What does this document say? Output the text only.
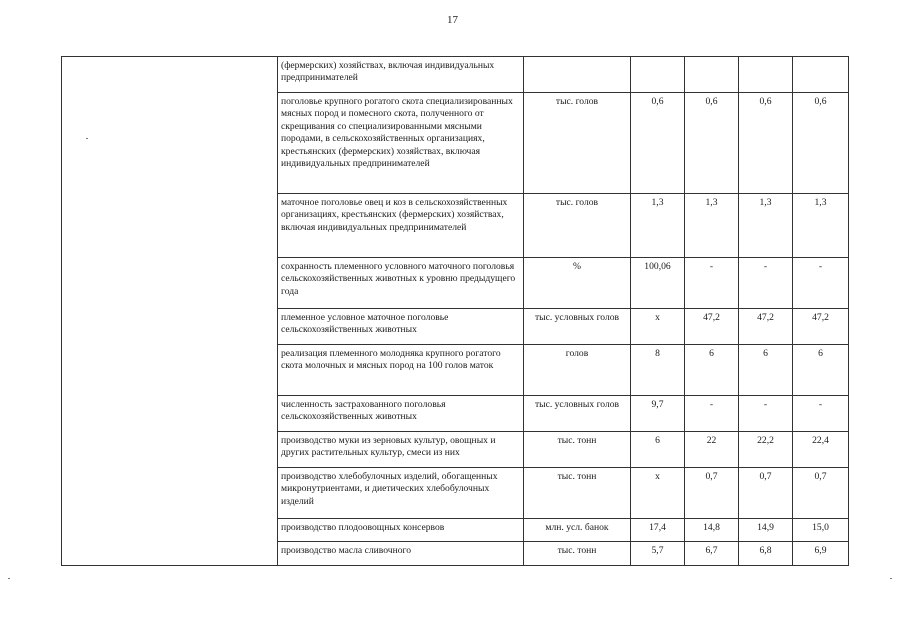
17
	(фермерских) хозяйствах, включая индивидуальных предпринимателей					
	поголовье крупного рогатого скота специализированных мясных пород и помесного скота, полученного от скрещивания со специализированными мясными породами, в сельскохозяйственных организациях, крестьянских (фермерских) хозяйствах, включая индивидуальных предпринимателей	тыс. голов	0,6	0,6	0,6	0,6
	маточное поголовье овец и коз в сельскохозяйственных организациях, крестьянских (фермерских) хозяйствах, включая индивидуальных предпринимателей	тыс. голов	1,3	1,3	1,3	1,3
	сохранность племенного условного маточного поголовья сельскохозяйственных животных к уровню предыдущего года	%	100,06	-	-	-
	племенное условное маточное поголовье сельскохозяйственных животных	тыс. условных голов	х	47,2	47,2	47,2
	реализация племенного молодняка крупного рогатого скота молочных и мясных пород на 100 голов маток	голов	8	6	6	6
	численность застрахованного поголовья сельскохозяйственных животных	тыс. условных голов	9,7	-	-	-
	производство муки из зерновых культур, овощных и других растительных культур, смеси из них	тыс. тонн	6	22	22,2	22,4
	производство хлебобулочных изделий, обогащенных микронутриентами, и диетических хлебобулочных изделий	тыс. тонн	х	0,7	0,7	0,7
	производство плодоовощных консервов	млн. усл. банок	17,4	14,8	14,9	15,0
	производство масла сливочного	тыс. тонн	5,7	6,7	6,8	6,9
